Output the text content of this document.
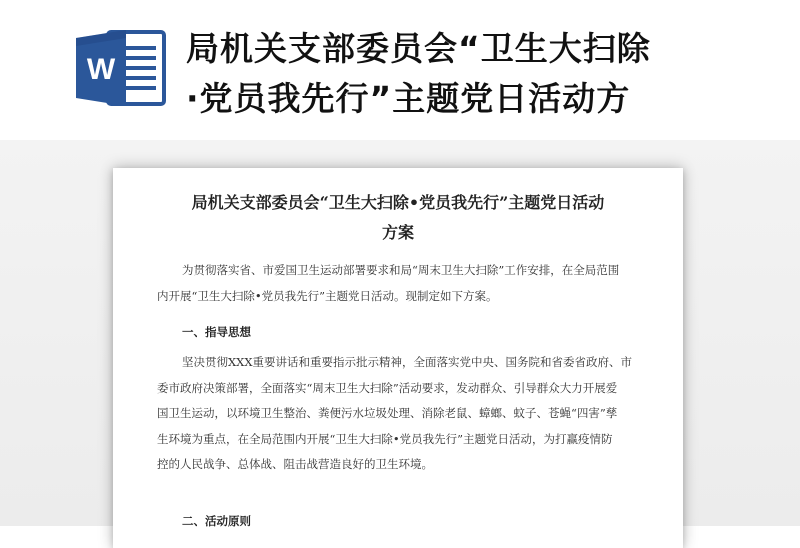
W
局机关支部委员会“卫生大扫除
·党员我先行”主题党日活动方
局机关支部委员会“卫生大扫除•党员我先行”主题党日活动
方案
为贯彻落实省、市爱国卫生运动部署要求和局“周末卫生大扫除”工作安排，在全局范围
内开展“卫生大扫除•党员我先行”主题党日活动。现制定如下方案。
一、指导思想
坚决贯彻XXX重要讲话和重要指示批示精神，全面落实党中央、国务院和省委省政府、市
委市政府决策部署，全面落实“周末卫生大扫除”活动要求，发动群众、引导群众大力开展爱
国卫生运动，以环境卫生整治、粪便污水垃圾处理、消除老鼠、蟑螂、蚊子、苍蝇“四害”孳
生环境为重点，在全局范围内开展“卫生大扫除•党员我先行”主题党日活动，为打赢疫情防
控的人民战争、总体战、阻击战营造良好的卫生环境。
二、活动原则
